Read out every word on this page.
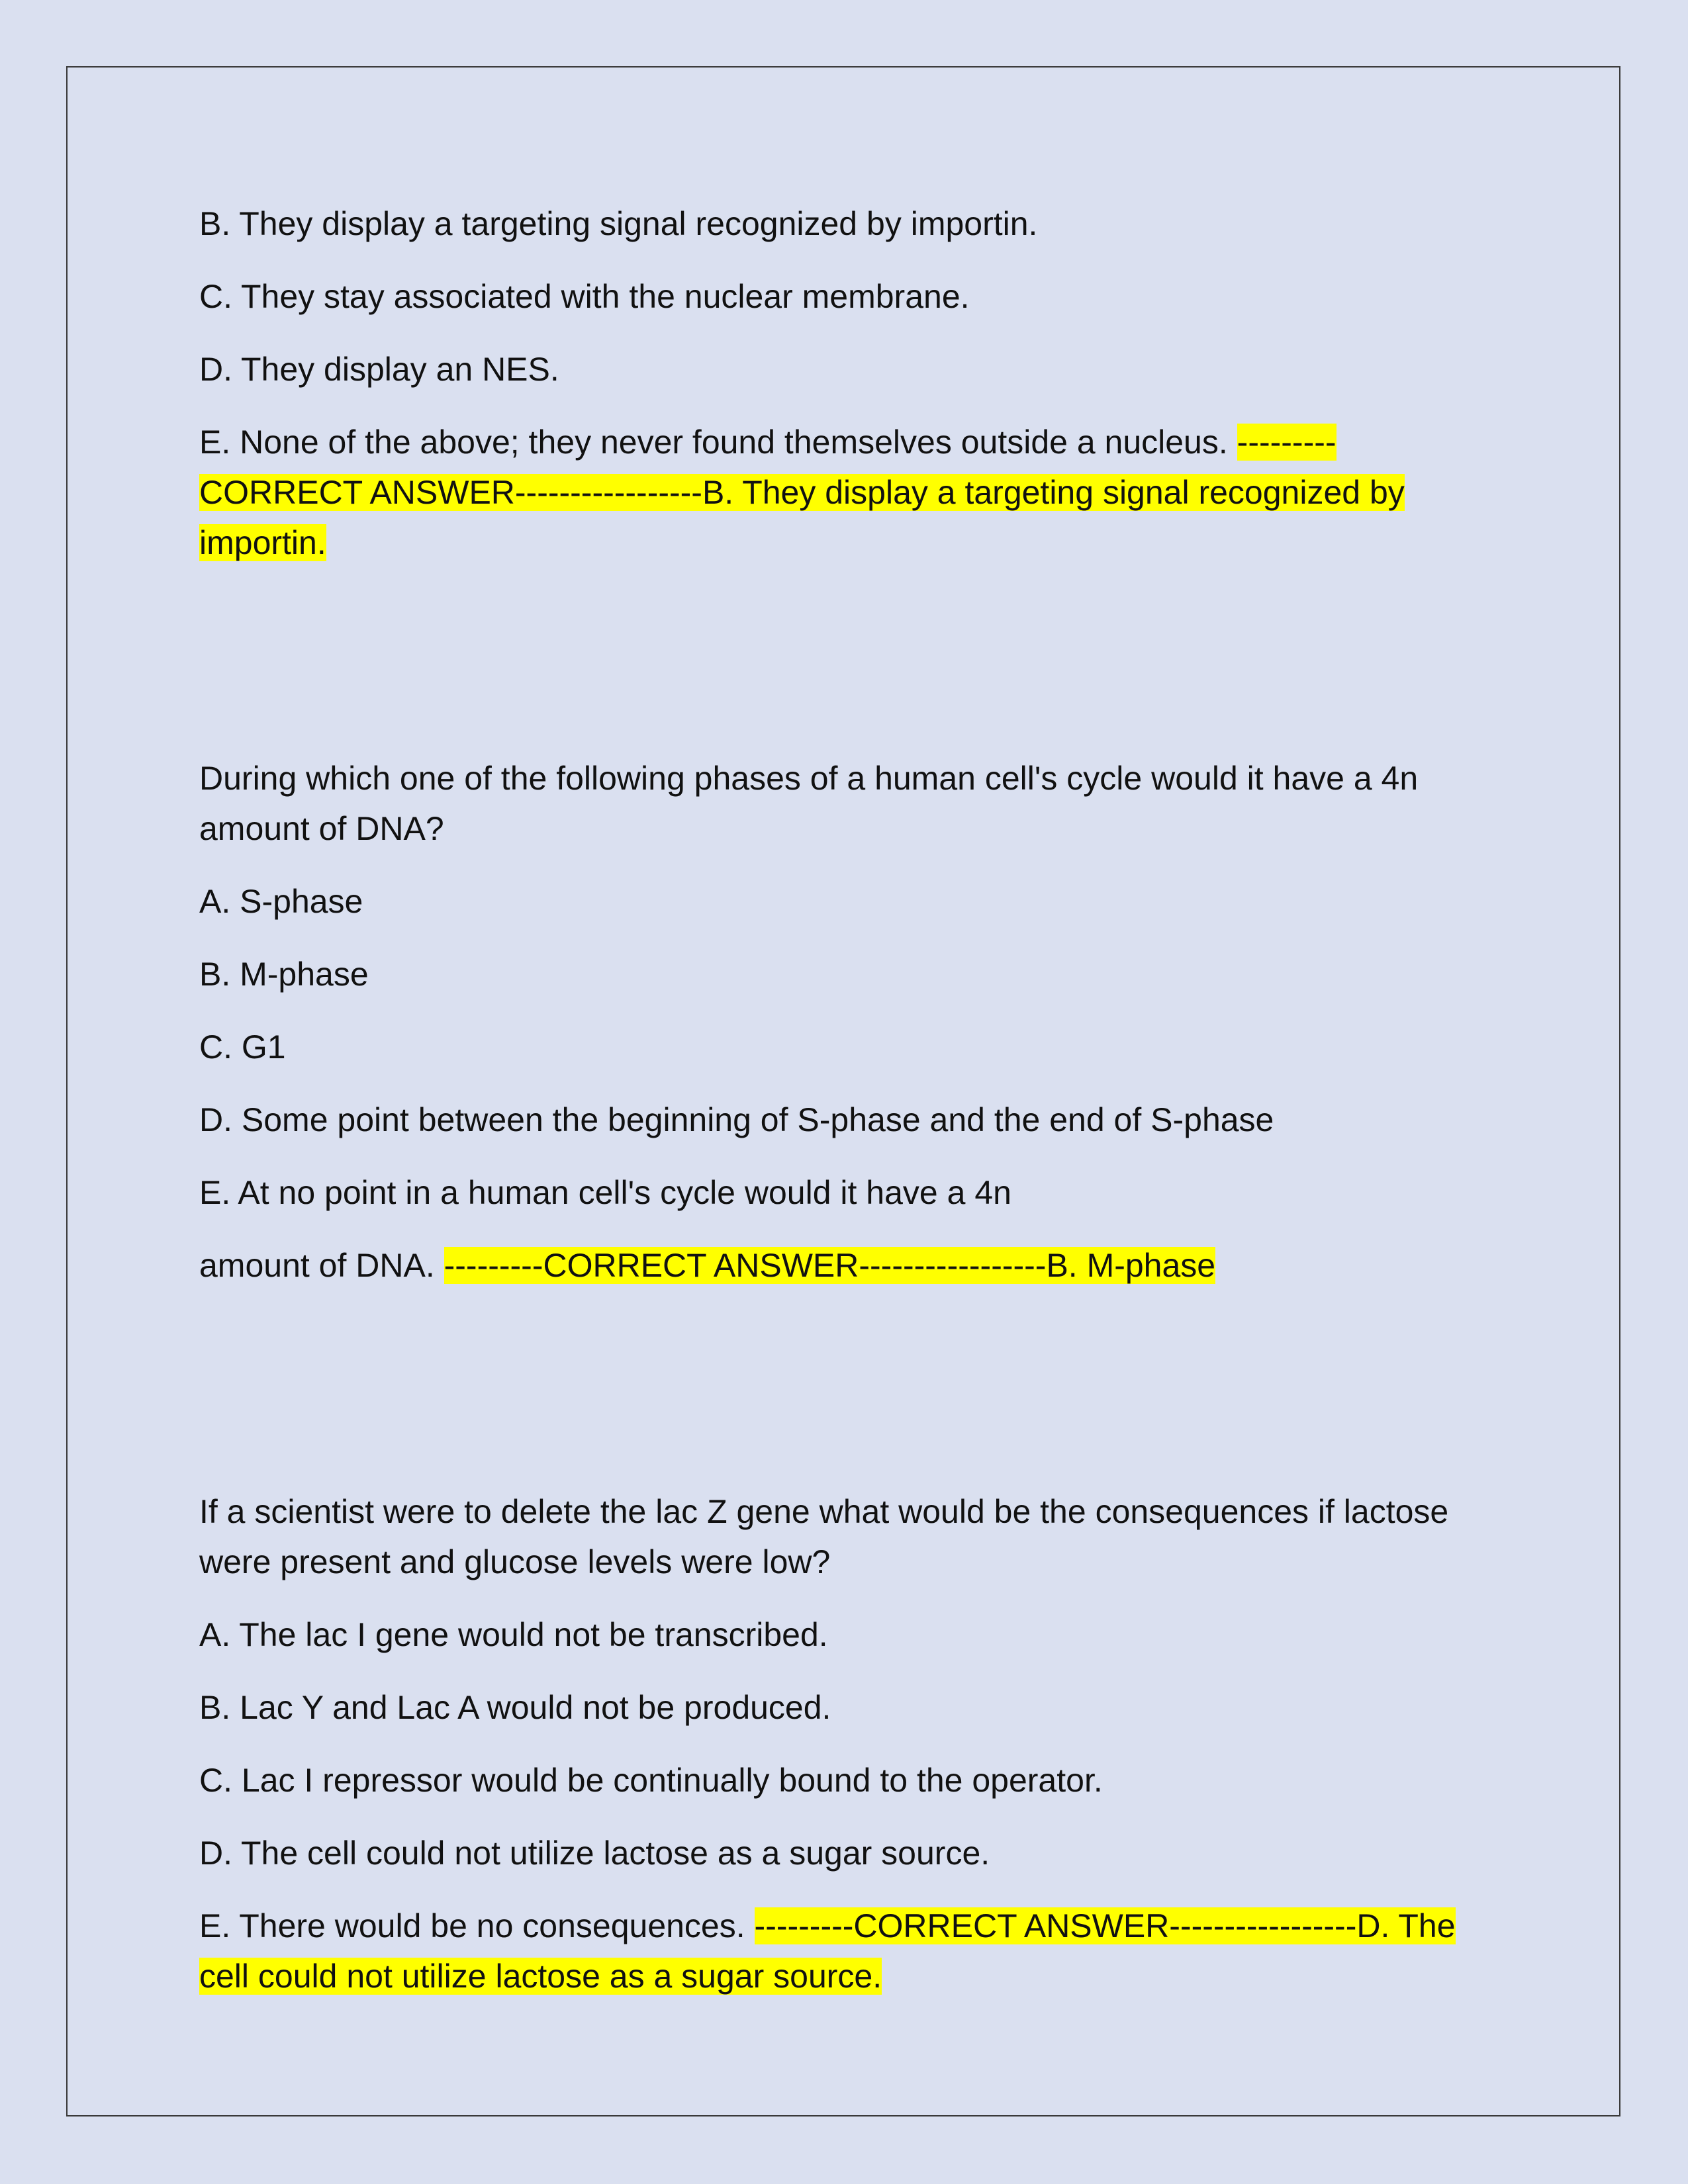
B. They display a targeting signal recognized by importin.

C. They stay associated with the nuclear membrane.

D. They display an NES.

E. None of the above; they never found themselves outside a nucleus. ---------CORRECT ANSWER-----------------B. They display a targeting signal recognized by importin.

During which one of the following phases of a human cell's cycle would it have a 4n amount of DNA?

A. S-phase

B. M-phase

C. G1

D. Some point between the beginning of S-phase and the end of S-phase

E. At no point in a human cell's cycle would it have a 4n

amount of DNA. ---------CORRECT ANSWER-----------------B. M-phase

If a scientist were to delete the lac Z gene what would be the consequences if lactose were present and glucose levels were low?

A. The lac I gene would not be transcribed.

B. Lac Y and Lac A would not be produced.

C. Lac I repressor would be continually bound to the operator.

D. The cell could not utilize lactose as a sugar source.

E. There would be no consequences. ---------CORRECT ANSWER-----------------D. The cell could not utilize lactose as a sugar source.
